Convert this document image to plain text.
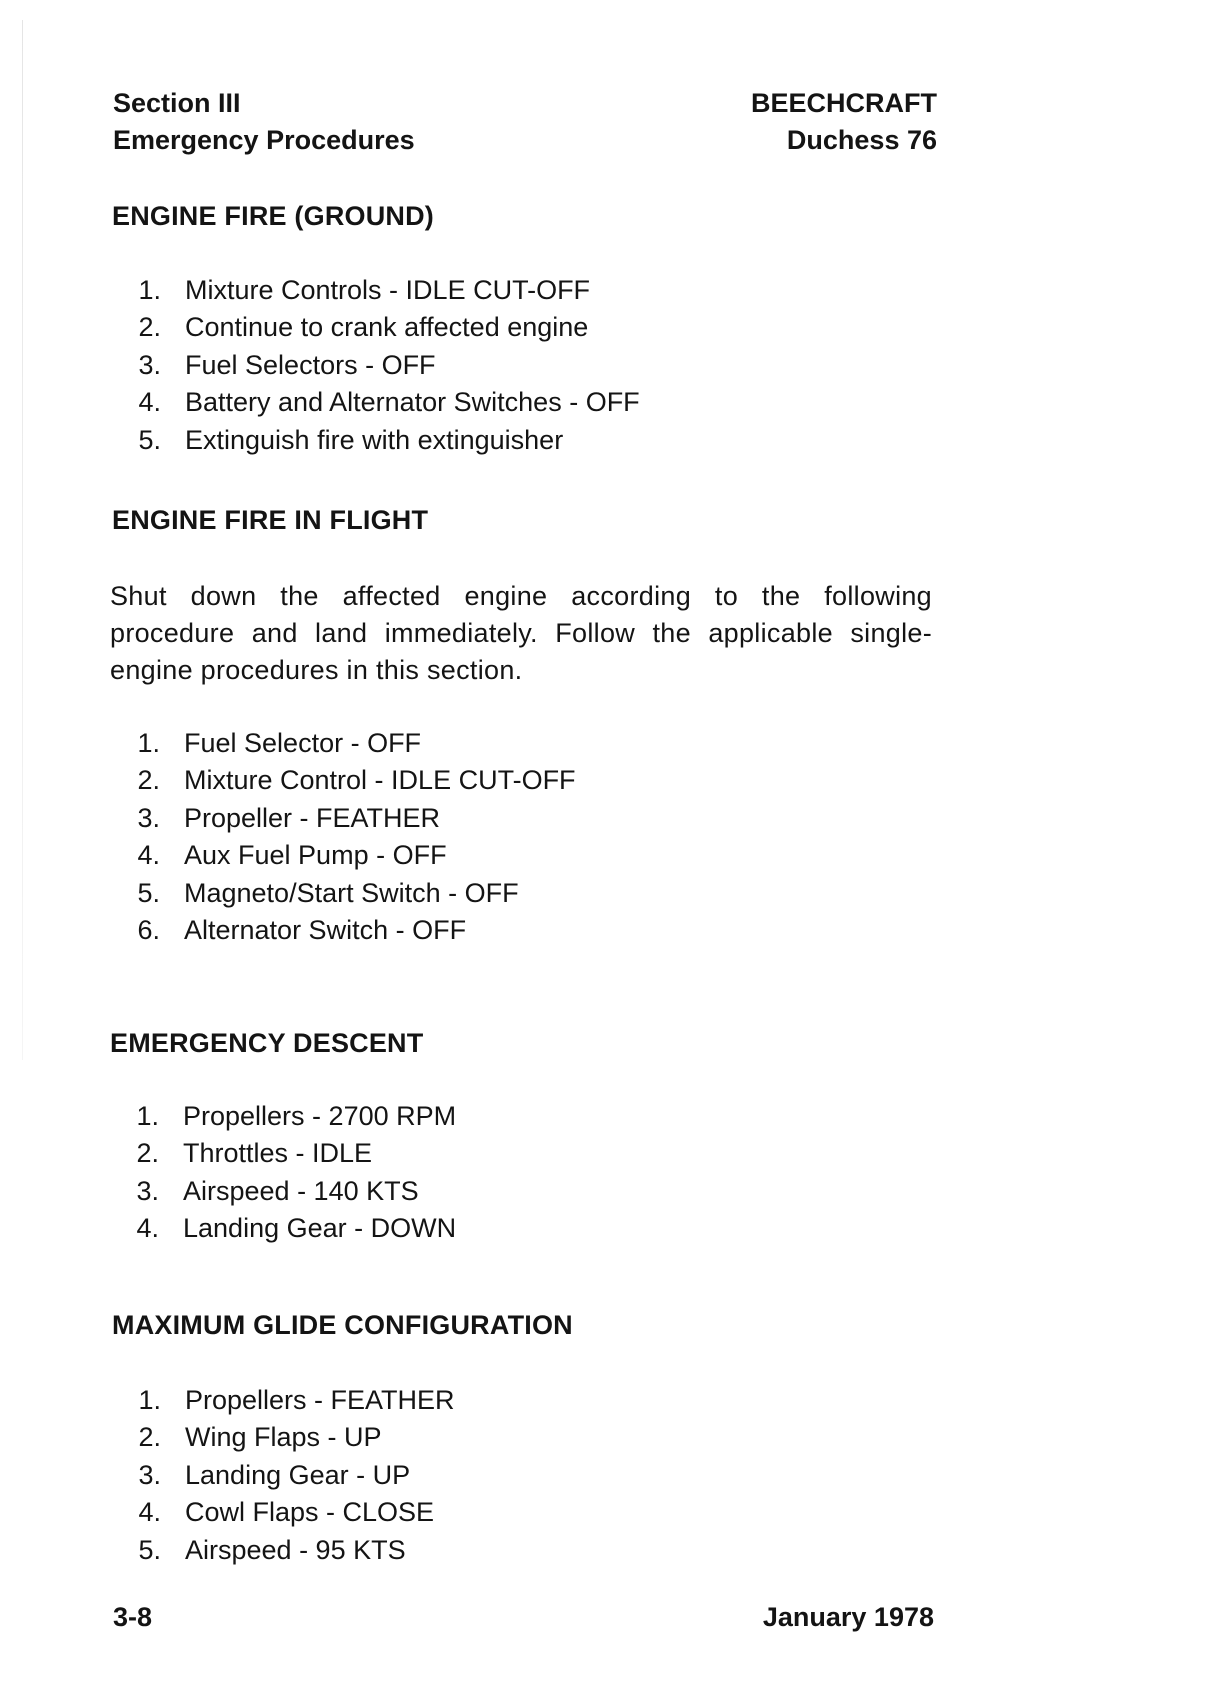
Section III
Emergency Procedures
BEECHCRAFT
Duchess 76
ENGINE FIRE (GROUND)
1. Mixture Controls - IDLE CUT-OFF
2. Continue to crank affected engine
3. Fuel Selectors - OFF
4. Battery and Alternator Switches - OFF
5. Extinguish fire with extinguisher
ENGINE FIRE IN FLIGHT
Shut down the affected engine according to the following procedure and land immediately. Follow the applicable single-engine procedures in this section.
1. Fuel Selector - OFF
2. Mixture Control - IDLE CUT-OFF
3. Propeller - FEATHER
4. Aux Fuel Pump - OFF
5. Magneto/Start Switch - OFF
6. Alternator Switch - OFF
EMERGENCY DESCENT
1. Propellers - 2700 RPM
2. Throttles - IDLE
3. Airspeed - 140 KTS
4. Landing Gear - DOWN
MAXIMUM GLIDE CONFIGURATION
1. Propellers - FEATHER
2. Wing Flaps - UP
3. Landing Gear - UP
4. Cowl Flaps - CLOSE
5. Airspeed - 95 KTS
3-8	January 1978
